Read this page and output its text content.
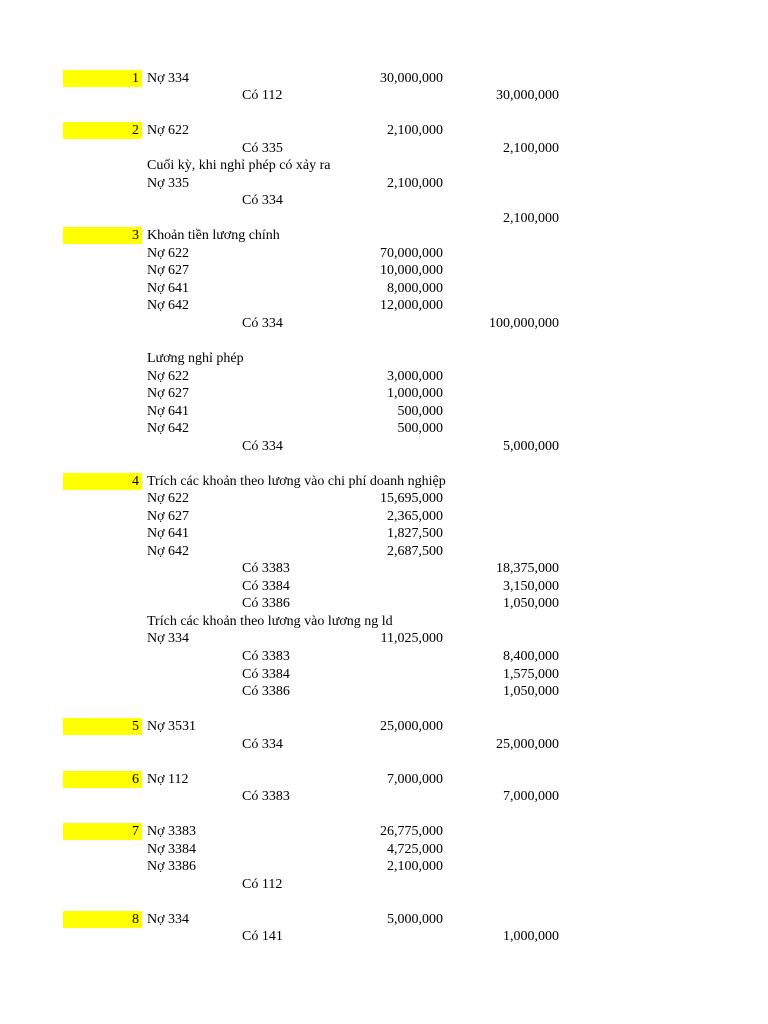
1 Nợ 334	30,000,000
Có 112	30,000,000
2 Nợ 622	2,100,000
Có 335	2,100,000
Cuối kỳ, khi nghỉ phép có xảy ra
Nợ 335	2,100,000
Có 334
2,100,000
3 Khoản tiền lương chính
Nợ 622	70,000,000
Nợ 627	10,000,000
Nợ 641	8,000,000
Nợ 642	12,000,000
Có 334	100,000,000
Lương nghỉ phép
Nợ 622	3,000,000
Nợ 627	1,000,000
Nợ 641	500,000
Nợ 642	500,000
Có 334	5,000,000
4 Trích các khoản theo lương vào chi phí doanh nghiệp
Nợ 622	15,695,000
Nợ 627	2,365,000
Nợ 641	1,827,500
Nợ 642	2,687,500
Có 3383	18,375,000
Có 3384	3,150,000
Có 3386	1,050,000
Trích các khoản theo lương vào lương ng ld
Nợ 334	11,025,000
Có 3383	8,400,000
Có 3384	1,575,000
Có 3386	1,050,000
5 Nợ 3531	25,000,000
Có 334	25,000,000
6 Nợ 112	7,000,000
Có 3383	7,000,000
7 Nợ 3383	26,775,000
Nợ 3384	4,725,000
Nợ 3386	2,100,000
Có 112
8 Nợ 334	5,000,000
Có 141	1,000,000
